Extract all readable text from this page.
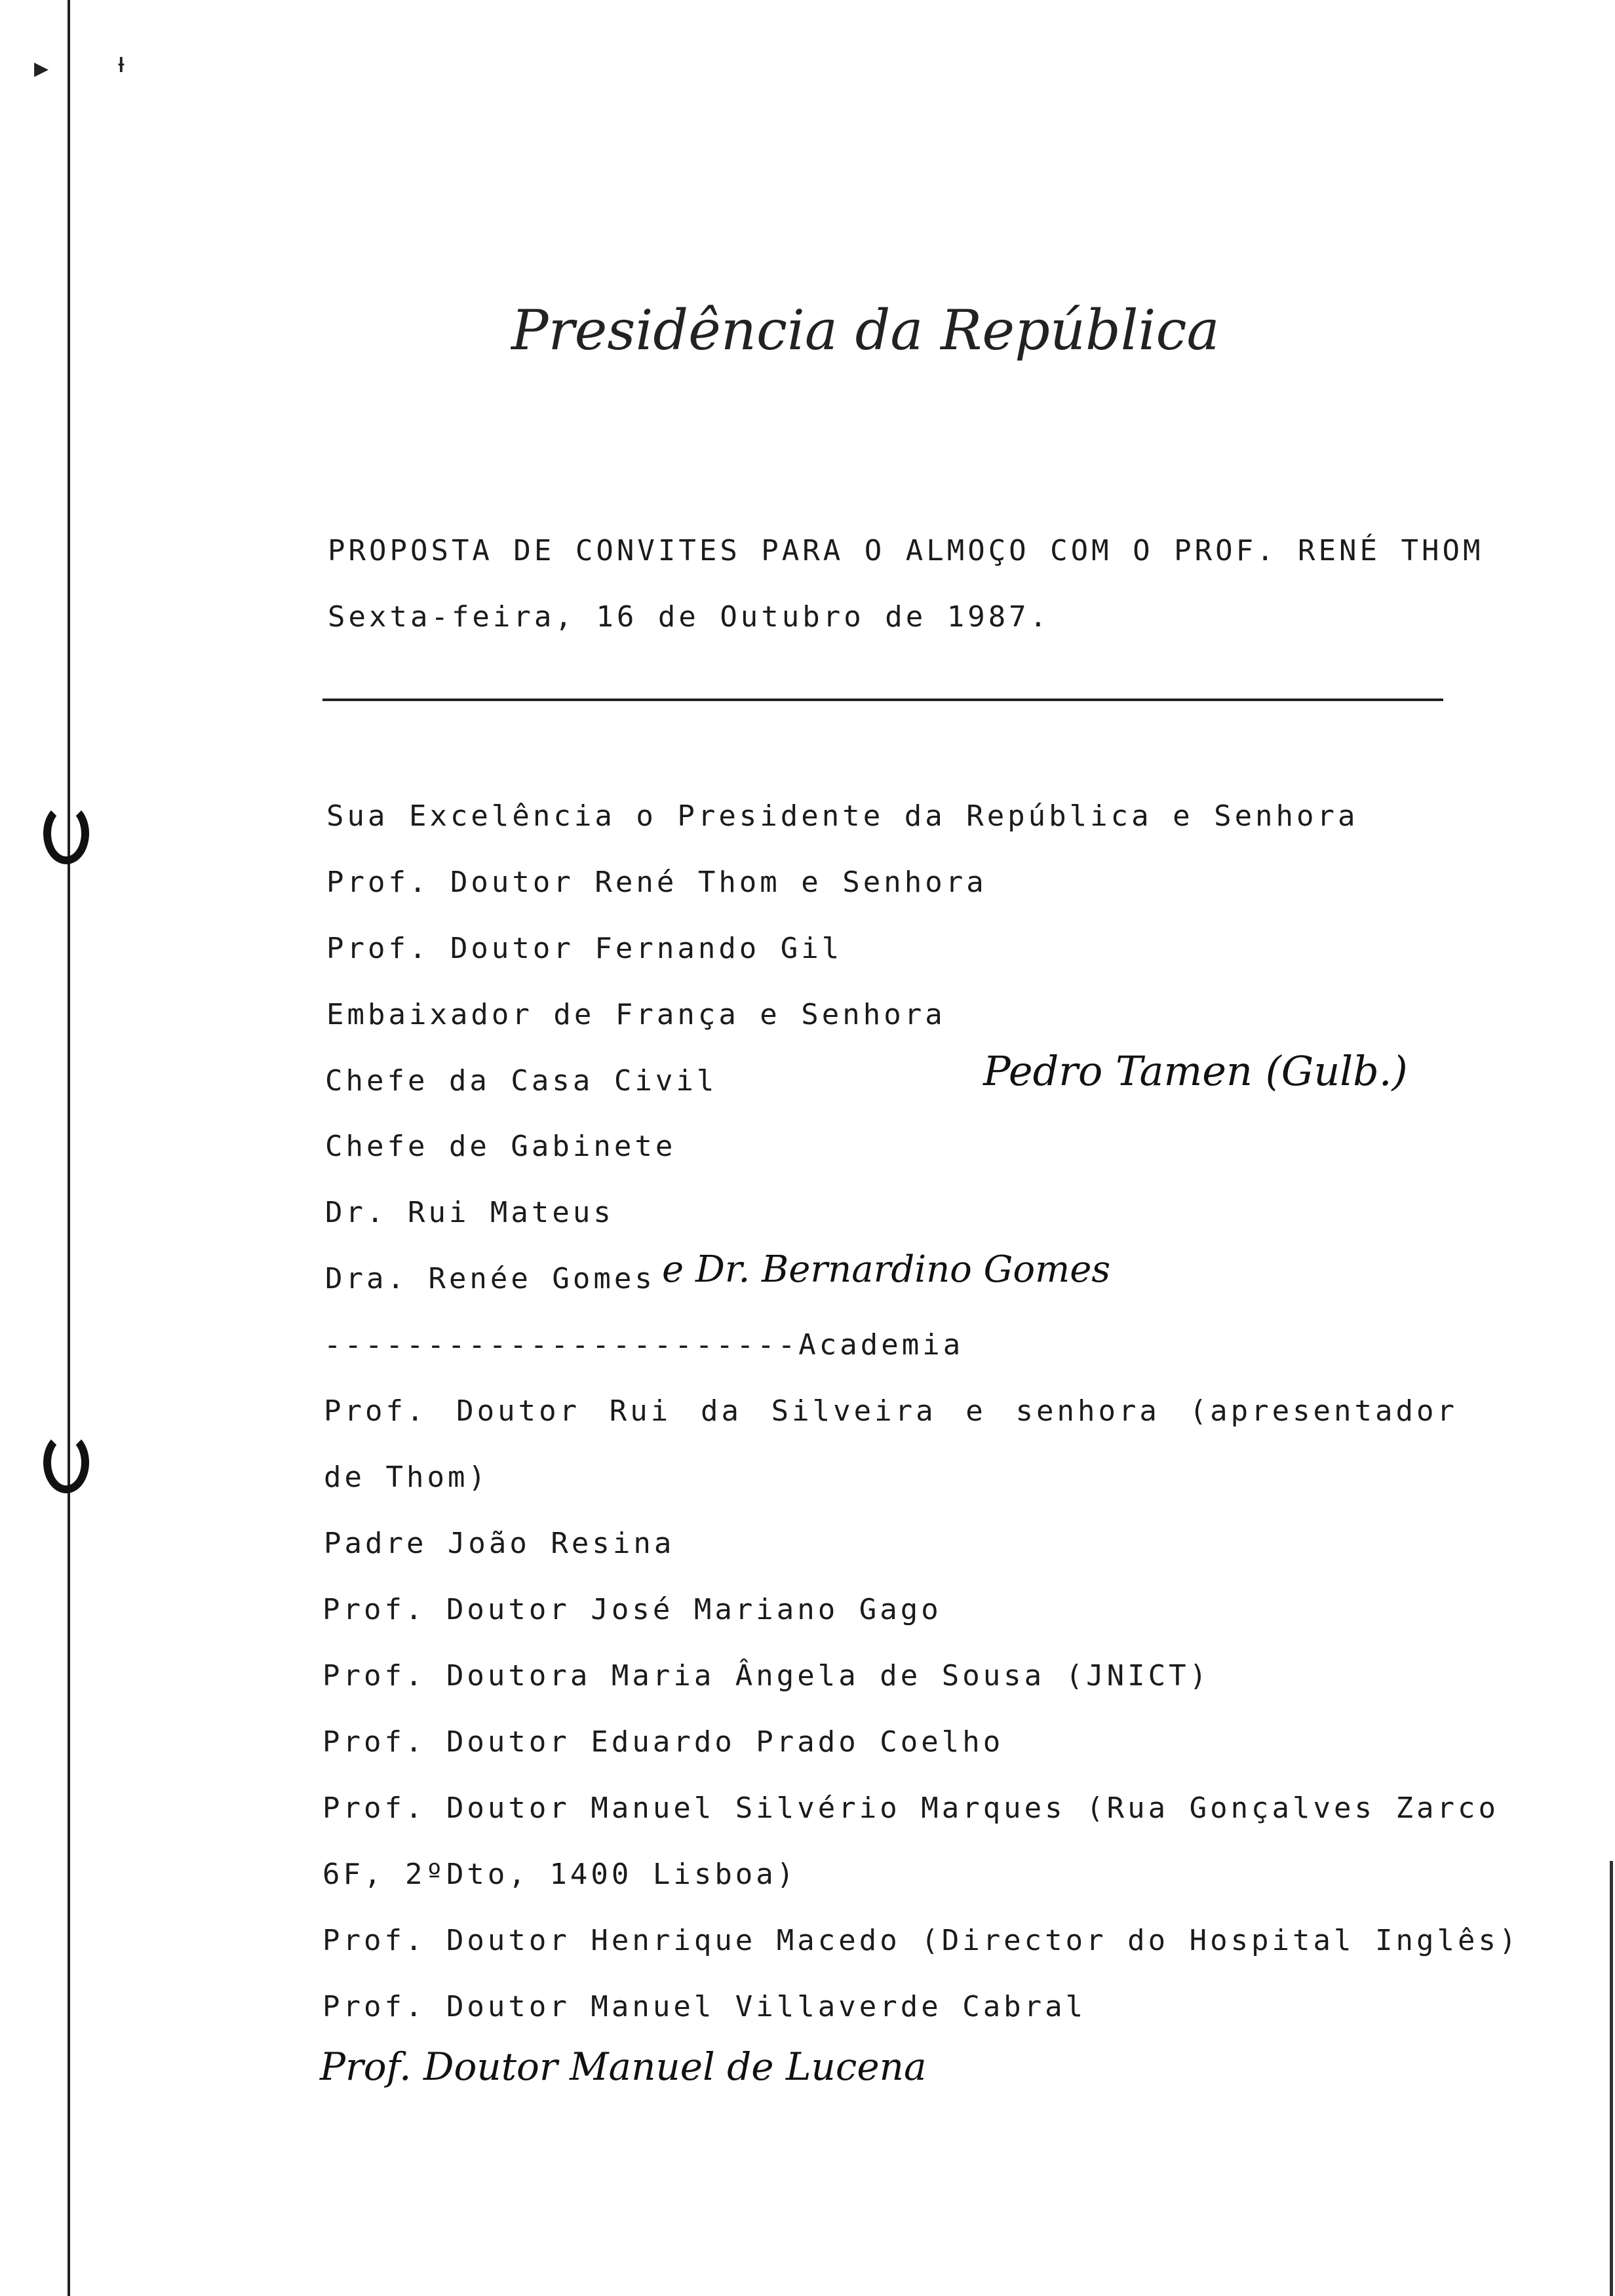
▸ ᵼ
Presidência da República
PROPOSTA DE CONVITES PARA O ALMOÇO COM O PROF. RENÉ THOM
Sexta-feira, 16 de Outubro de 1987.
Sua Excelência o Presidente da República e Senhora
Prof. Doutor René Thom e Senhora
Prof. Doutor Fernando Gil
Embaixador de França e Senhora
Chefe da Casa Civil
Chefe de Gabinete
Dr. Rui Mateus
Dra. Renée Gomes
-----------------------Academia
Prof. Doutor Rui da Silveira e senhora (apresentador
de Thom)
Padre João Resina
Prof. Doutor José Mariano Gago
Prof. Doutora Maria Ângela de Sousa (JNICT)
Prof. Doutor Eduardo Prado Coelho
Prof. Doutor Manuel Silvério Marques (Rua Gonçalves Zarco
6F, 2ºDto, 1400 Lisboa)
Prof. Doutor Henrique Macedo (Director do Hospital Inglês)
Prof. Doutor Manuel Villaverde Cabral
Pedro Tamen (Gulb.)
e Dr. Bernardino Gomes
Prof. Doutor Manuel de Lucena
